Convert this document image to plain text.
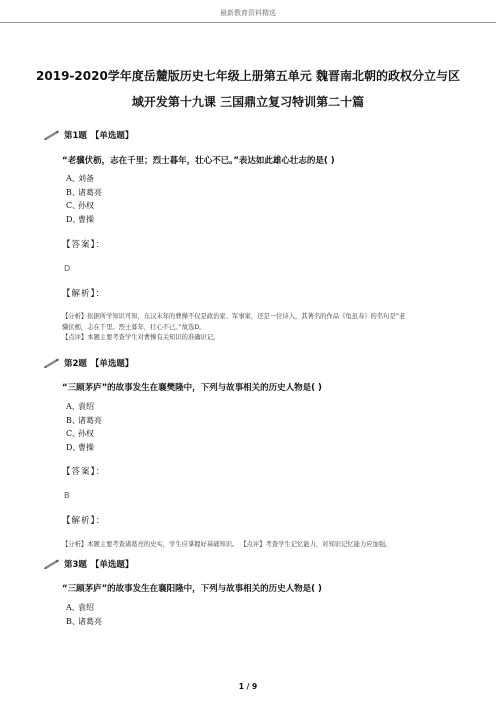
最新教育资料精选
2019-2020学年度岳麓版历史七年级上册第五单元 魏晋南北朝的政权分立与区
域开发第十九课 三国鼎立复习特训第二十篇
第1题 【单选题】
“老骥伏枥，志在千里；烈士暮年，壮心不已。”表达如此雄心壮志的是( )
A、
刘备
B、
诸葛亮
C、
孙权
D、
曹操
【答案】：
D
【解析】：

【分析】依据所学知识可知，东汉末年的曹操不仅是政治家、军事家，还是一位诗人，其著名的作品《龟虽寿》的名句是“老

骥伏枥，志在千里。烈士暮年，壮心不已。”故选D。

【点评】本题主要考查学生对曹操有关知识的准确识记。

第2题 【单选题】
“三顾茅庐”的故事发生在襄樊隆中，下列与故事相关的历史人物是( )
A、
袁绍
B、
诸葛亮
C、
孙权
D、
曹操
【答案】：
B
【解析】：

【分析】本题主要考查诸葛亮的史实，学生应掌握好基础知识。 【点评】考查学生记忆能力，对知识记忆能力应加强。

第3题 【单选题】
“三顾茅庐”的故事发生在襄阳隆中，下列与故事相关的历史人物是( )
A、
袁绍
B、
诸葛亮
1 / 9
